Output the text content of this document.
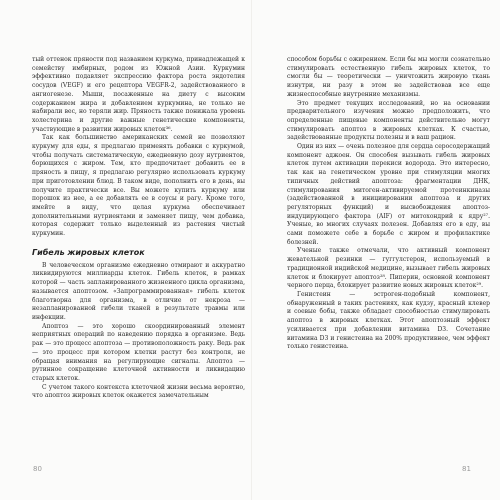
тый оттенок пряности под названием куркума, принадлежащей к семейству имбирных, родом из Южной Азии. Куркумин эффективно подавляет экспрессию фактора роста эндотелия сосудов (VEGF) и его рецептора VEGFR-2, задействованного в ангиогенезе. Мыши, посаженные на диету с высоким содержанием жира и добавлением куркумина, не только не набирали вес, но теряли жир. Пряность также понижала уровень холестерина и другие важные генетические компоненты, участвующие в развитии жировых клеток³⁶.

Так как большинство американских семей не позволяют куркуму для еды, я предлагаю применять добавки с куркумой, чтобы получать систематическую, ежедневную дозу нутриентов, борющихся с жиром. Тем, кто предпочитает добавить ее в пряность в пищу, я предлагаю регулярно использовать куркуму при приготовлении блюд. В таком виде, пополнить его в день, вы получите практически все. Вы можете купить куркуму или порошок из нее, а ее добавлять ее в соусы и рагу. Кроме того, имейте в виду, что целая куркума обеспечивает дополнительными нутриентами и заменяет пищу, чем добавка, которая содержит только выделенный из растения чистый куркумин.

Гибель жировых клеток

В человеческом организме ежедневно отмирают и аккуратно ликвидируются миллиарды клеток. Гибель клеток, в рамках которой — часть запланированного жизненного цикла организма, называется апоптозом. «Запрограммированная» гибель клеток благотворна для организма, в отличие от некроза — незапланированной гибели тканей в результате травмы или инфекции.

Апоптоз — это хорошо скоординированный элемент неприятных операций по наведению порядка в организме. Ведь рак — это процесс апоптоза — противоположность раку. Ведь рак — это процесс при котором клетки растут без контроля, не обращая внимания на регулирующие сигналы. Апоптоз — рутинное сокращение клеточной активности и ликвидацию старых клеток.

С учетом такого контекста клеточной жизни весьма вероятно, что апоптоз жировых клеток окажется замечательным

80

способом борьбы с ожирением. Если бы мы могли сознательно стимулировать естественную гибель жировых клеток, то смогли бы — теоретически — уничтожить жировую ткань изнутри, ни разу в этом не задействовав все еще жизнеспособные внутренние механизмы.

Это предмет текущих исследований, но на основании предварительного изучения можно предположить, что определенные пищевые компоненты действительно могут стимулировать апоптоз в жировых клетках. К счастью, задействованные продукты полезны и в ваш рацион.

Один из них — очень полезное для сердца серосодержащий компонент аджоен. Он способен вызывать гибель жировых клеток путем активации перекиси водорода. Это интересно, так как на генетическом уровне при стимуляции многих типичных действий апоптоза: фрагментации ДНК, стимулирования митоген-активируемой протеинкиназы (задействованной в инициировании апоптоза и других регуляторных функций) и высвобождения апоптоз-индуцирующего фактора (AIF) от митохондрий к ядру²⁷. Ученые, во многих случаях полезен. Добавляя его в еду, вы сами поможете себе в борьбе с жиром и профилактике болезней.

Ученые также отмечали, что активный компонент жевательной резинки — гуггулстерон, используемый в традиционной индийской медицине, вызывает гибель жировых клеток и блокирует апоптоз²⁸. Пиперин, основной компонент черного перца, блокирует развитие новых жировых клеток²⁹.

Генистеин — эстроген-подобный компонент, обнаруженный в таких растениях, как кудзу, красный клевер и соевые бобы, также обладает способностью стимулировать апоптоз в жировых клетках. Этот апоптозный эффект усиливается при добавлении витамина D3. Сочетание витамина D3 и генистеина на 200% продуктивнее, чем эффект только генистеина.

81
